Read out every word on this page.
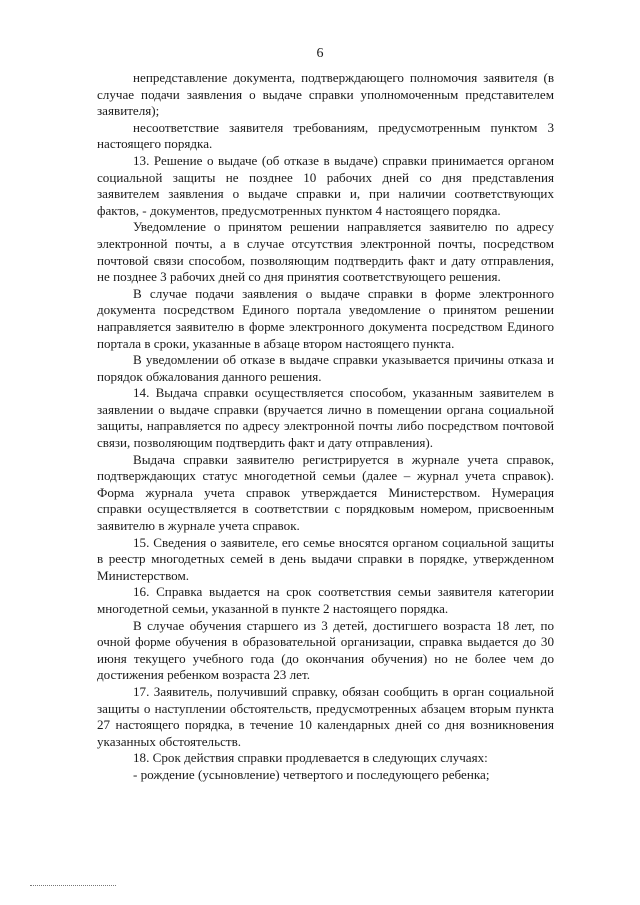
6

непредставление документа, подтверждающего полномочия заявителя (в случае подачи заявления о выдаче справки уполномоченным представителем заявителя);

несоответствие заявителя требованиям, предусмотренным пунктом 3 настоящего порядка.

13. Решение о выдаче (об отказе в выдаче) справки принимается органом социальной защиты не позднее 10 рабочих дней со дня представления заявителем заявления о выдаче справки и, при наличии соответствующих фактов, - документов, предусмотренных пунктом 4 настоящего порядка.

Уведомление о принятом решении направляется заявителю по адресу электронной почты, а в случае отсутствия электронной почты, посредством почтовой связи способом, позволяющим подтвердить факт и дату отправления, не позднее 3 рабочих дней со дня принятия соответствующего решения.

В случае подачи заявления о выдаче справки в форме электронного документа посредством Единого портала уведомление о принятом решении направляется заявителю в форме электронного документа посредством Единого портала в сроки, указанные в абзаце втором настоящего пункта.

В уведомлении об отказе в выдаче справки указывается причины отказа и порядок обжалования данного решения.

14. Выдача справки осуществляется способом, указанным заявителем в заявлении о выдаче справки (вручается лично в помещении органа социальной защиты, направляется по адресу электронной почты либо посредством почтовой связи, позволяющим подтвердить факт и дату отправления).

Выдача справки заявителю регистрируется в журнале учета справок, подтверждающих статус многодетной семьи (далее – журнал учета справок). Форма журнала учета справок утверждается Министерством. Нумерация справки осуществляется в соответствии с порядковым номером, присвоенным заявителю в журнале учета справок.

15. Сведения о заявителе, его семье вносятся органом социальной защиты в реестр многодетных семей в день выдачи справки в порядке, утвержденном Министерством.

16. Справка выдается на срок соответствия семьи заявителя категории многодетной семьи, указанной в пункте 2 настоящего порядка.

В случае обучения старшего из 3 детей, достигшего возраста 18 лет, по очной форме обучения в образовательной организации, справка выдается до 30 июня текущего учебного года (до окончания обучения) но не более чем до достижения ребенком возраста 23 лет.

17. Заявитель, получивший справку, обязан сообщить в орган социальной защиты о наступлении обстоятельств, предусмотренных абзацем вторым пункта 27 настоящего порядка, в течение 10 календарных дней со дня возникновения указанных обстоятельств.

18. Срок действия справки продлевается в следующих случаях:

- рождение (усыновление) четвертого и последующего ребенка;
